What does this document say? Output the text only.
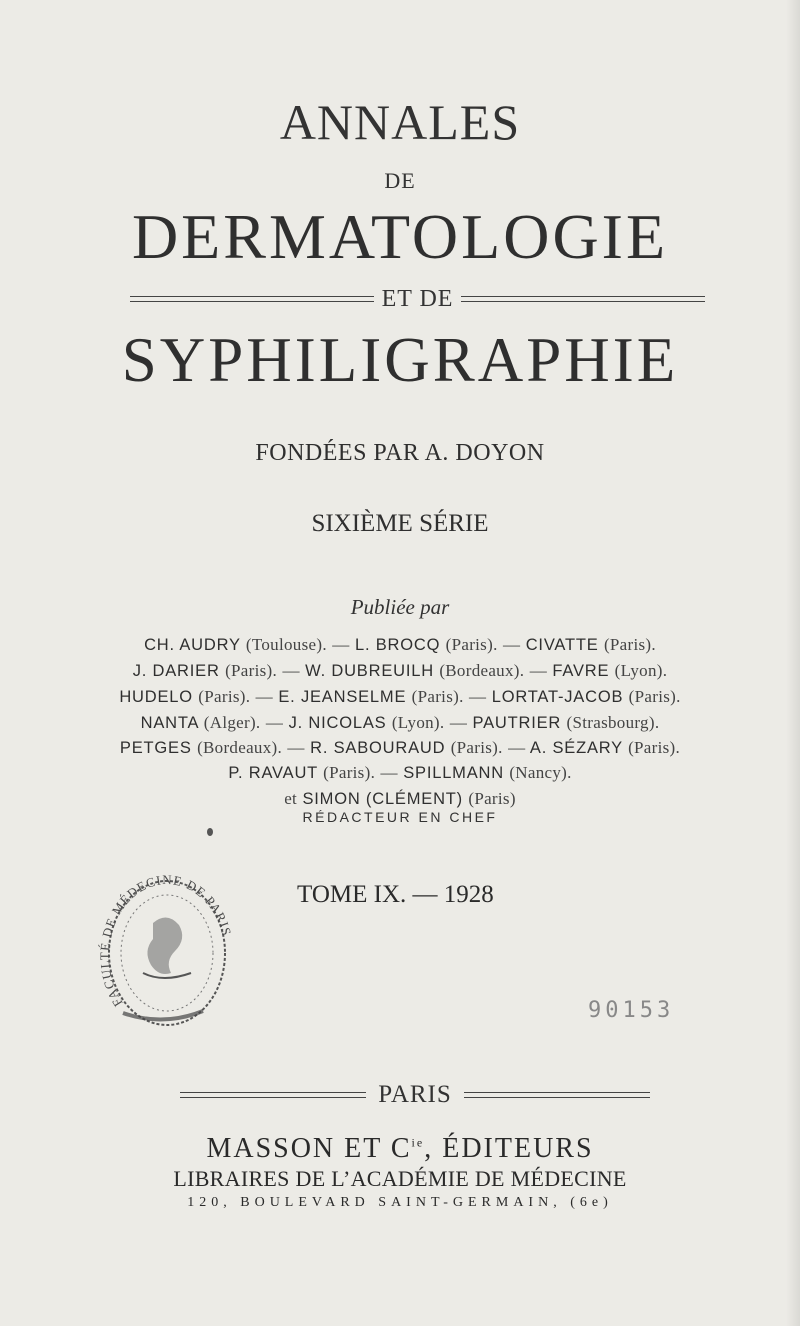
ANNALES
DE
DERMATOLOGIE
ET DE
SYPHILIGRAPHIE
FONDÉES PAR A. DOYON
SIXIÈME SÉRIE
Publiée par
CH. AUDRY (Toulouse). — L. BROCQ (Paris). — CIVATTE (Paris).
J. DARIER (Paris). — W. DUBREUILH (Bordeaux). — FAVRE (Lyon).
HUDELO (Paris). — E. JEANSELME (Paris). — LORTAT-JACOB (Paris).
NANTA (Alger). — J. NICOLAS (Lyon). — PAUTRIER (Strasbourg).
PETGES (Bordeaux). — R. SABOURAUD (Paris). — A. SÉZARY (Paris).
P. RAVAUT (Paris). — SPILLMANN (Nancy).
et SIMON (CLÉMENT) (Paris)
RÉDACTEUR EN CHEF
FACULTÉ DE MÉDECINE DE PARIS
TOME IX. — 1928
90153
PARIS
MASSON ET $C^{ie}$, ÉDITEURS
LIBRAIRES DE L’ACADÉMIE DE MÉDECINE
120, BOULEVARD SAINT-GERMAIN, (6e)
